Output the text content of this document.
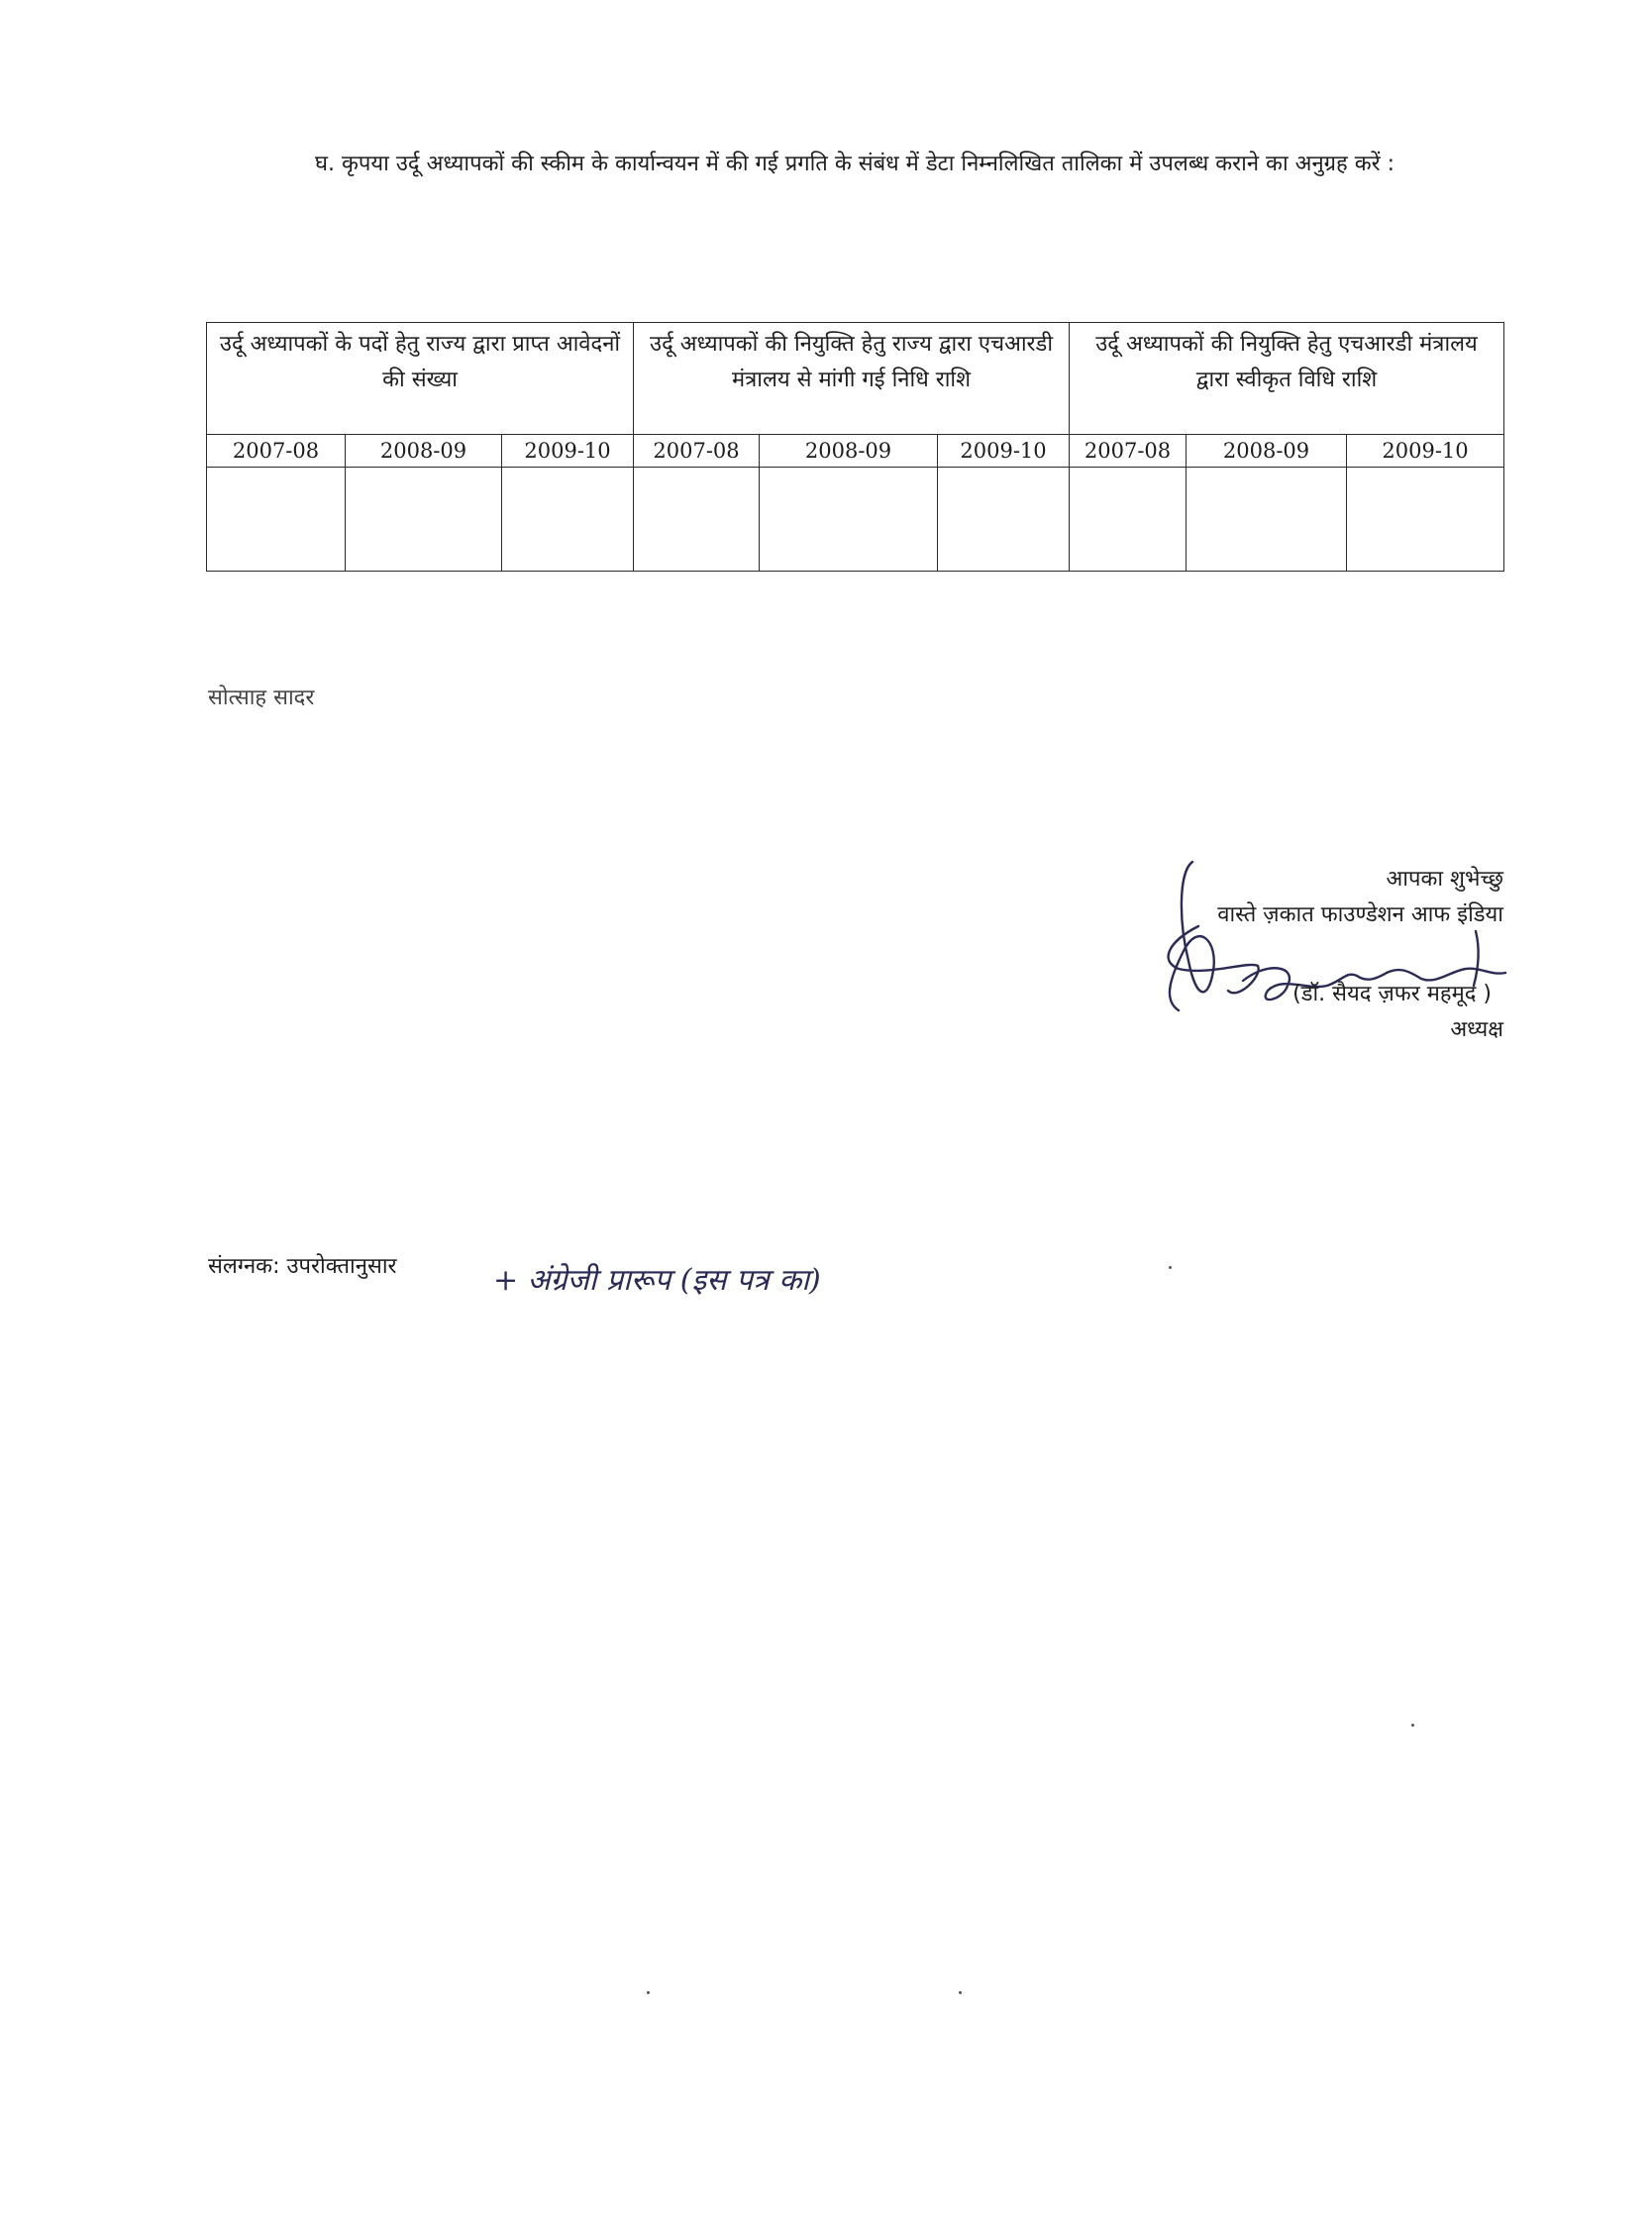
घ. कृपया उर्दू अध्यापकों की स्कीम के कार्यान्वयन में की गई प्रगति के संबंध में डेटा निम्नलिखित तालिका में उपलब्ध कराने का अनुग्रह करें :

उर्दू अध्यापकों के पदों हेतु राज्य द्वारा प्राप्त आवेदनों की संख्या			उर्दू अध्यापकों की नियुक्ति हेतु राज्य द्वारा एचआरडी मंत्रालय से मांगी गई निधि राशि			उर्दू अध्यापकों की नियुक्ति हेतु एचआरडी मंत्रालय द्वारा स्वीकृत विधि राशि		
2007-08	2008-09	2009-10	2007-08	2008-09	2009-10	2007-08	2008-09	2009-10

सोत्साह सादर
आपका शुभेच्छु
वास्ते ज़कात फाउण्डेशन आफ इंडिया
(डॉ. सैयद ज़फर महमूद )
अध्यक्ष
संलग्नक: उपरोक्तानुसार	+ अंग्रेजी प्रारूप (इस पत्र का)
